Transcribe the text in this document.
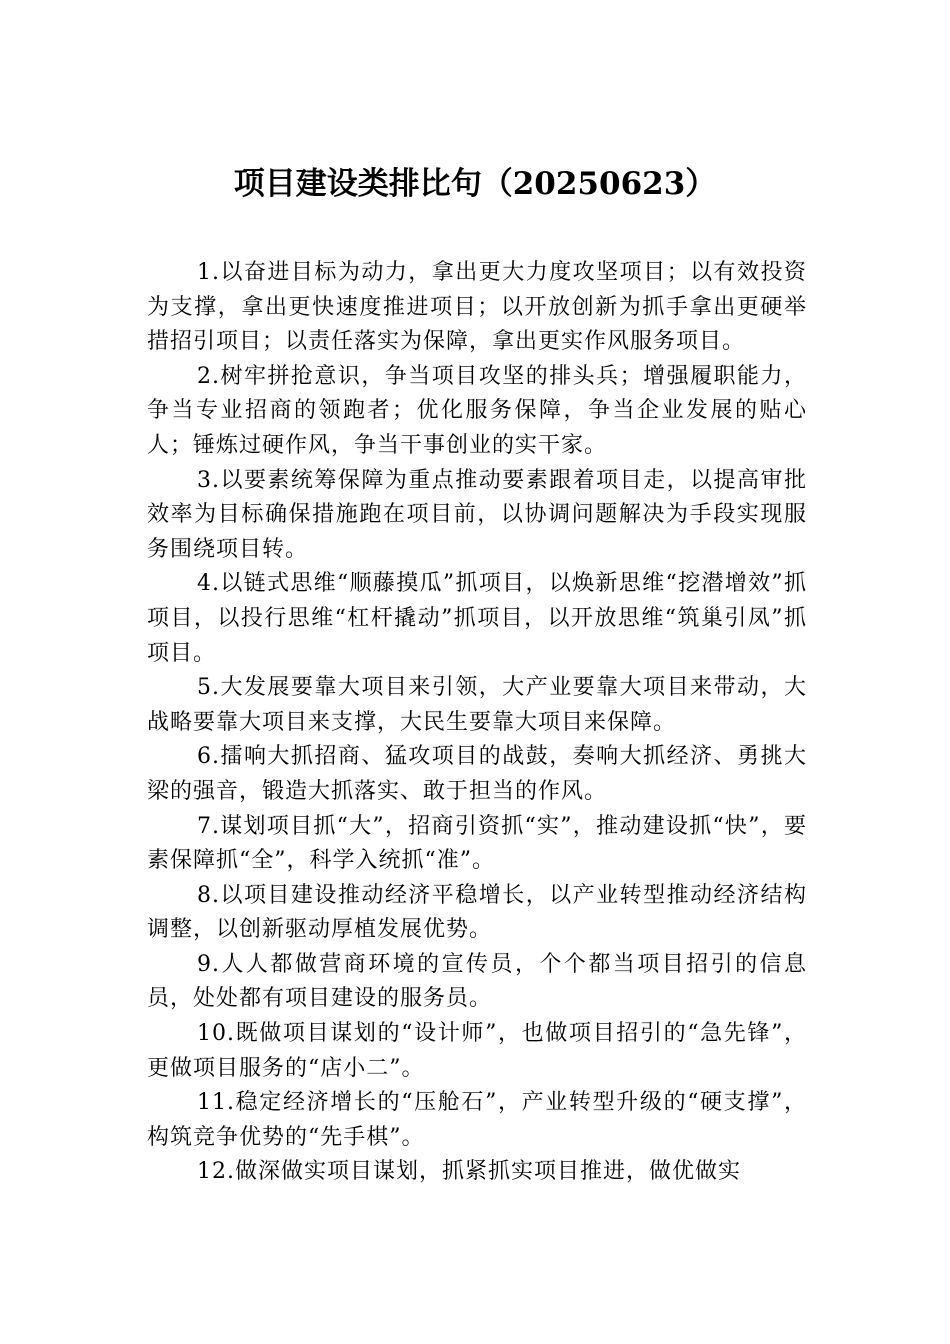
项目建设类排比句（20250623）

1.以奋进目标为动力，拿出更大力度攻坚项目；以有效投资为支撑，拿出更快速度推进项目；以开放创新为抓手拿出更硬举措招引项目；以责任落实为保障，拿出更实作风服务项目。

2.树牢拼抢意识，争当项目攻坚的排头兵；增强履职能力，争当专业招商的领跑者；优化服务保障，争当企业发展的贴心人；锤炼过硬作风，争当干事创业的实干家。

3.以要素统筹保障为重点推动要素跟着项目走，以提高审批效率为目标确保措施跑在项目前，以协调问题解决为手段实现服务围绕项目转。

4.以链式思维“顺藤摸瓜”抓项目，以焕新思维“挖潜增效”抓项目，以投行思维“杠杆撬动”抓项目，以开放思维“筑巢引凤”抓项目。

5.大发展要靠大项目来引领，大产业要靠大项目来带动，大战略要靠大项目来支撑，大民生要靠大项目来保障。

6.擂响大抓招商、猛攻项目的战鼓，奏响大抓经济、勇挑大梁的强音，锻造大抓落实、敢于担当的作风。

7.谋划项目抓“大”，招商引资抓“实”，推动建设抓“快”，要素保障抓“全”，科学入统抓“准”。

8.以项目建设推动经济平稳增长，以产业转型推动经济结构调整，以创新驱动厚植发展优势。

9.人人都做营商环境的宣传员，个个都当项目招引的信息员，处处都有项目建设的服务员。

10.既做项目谋划的“设计师”，也做项目招引的“急先锋”，更做项目服务的“店小二”。

11.稳定经济增长的“压舱石”，产业转型升级的“硬支撑”，构筑竞争优势的“先手棋”。

12.做深做实项目谋划，抓紧抓实项目推进，做优做实
